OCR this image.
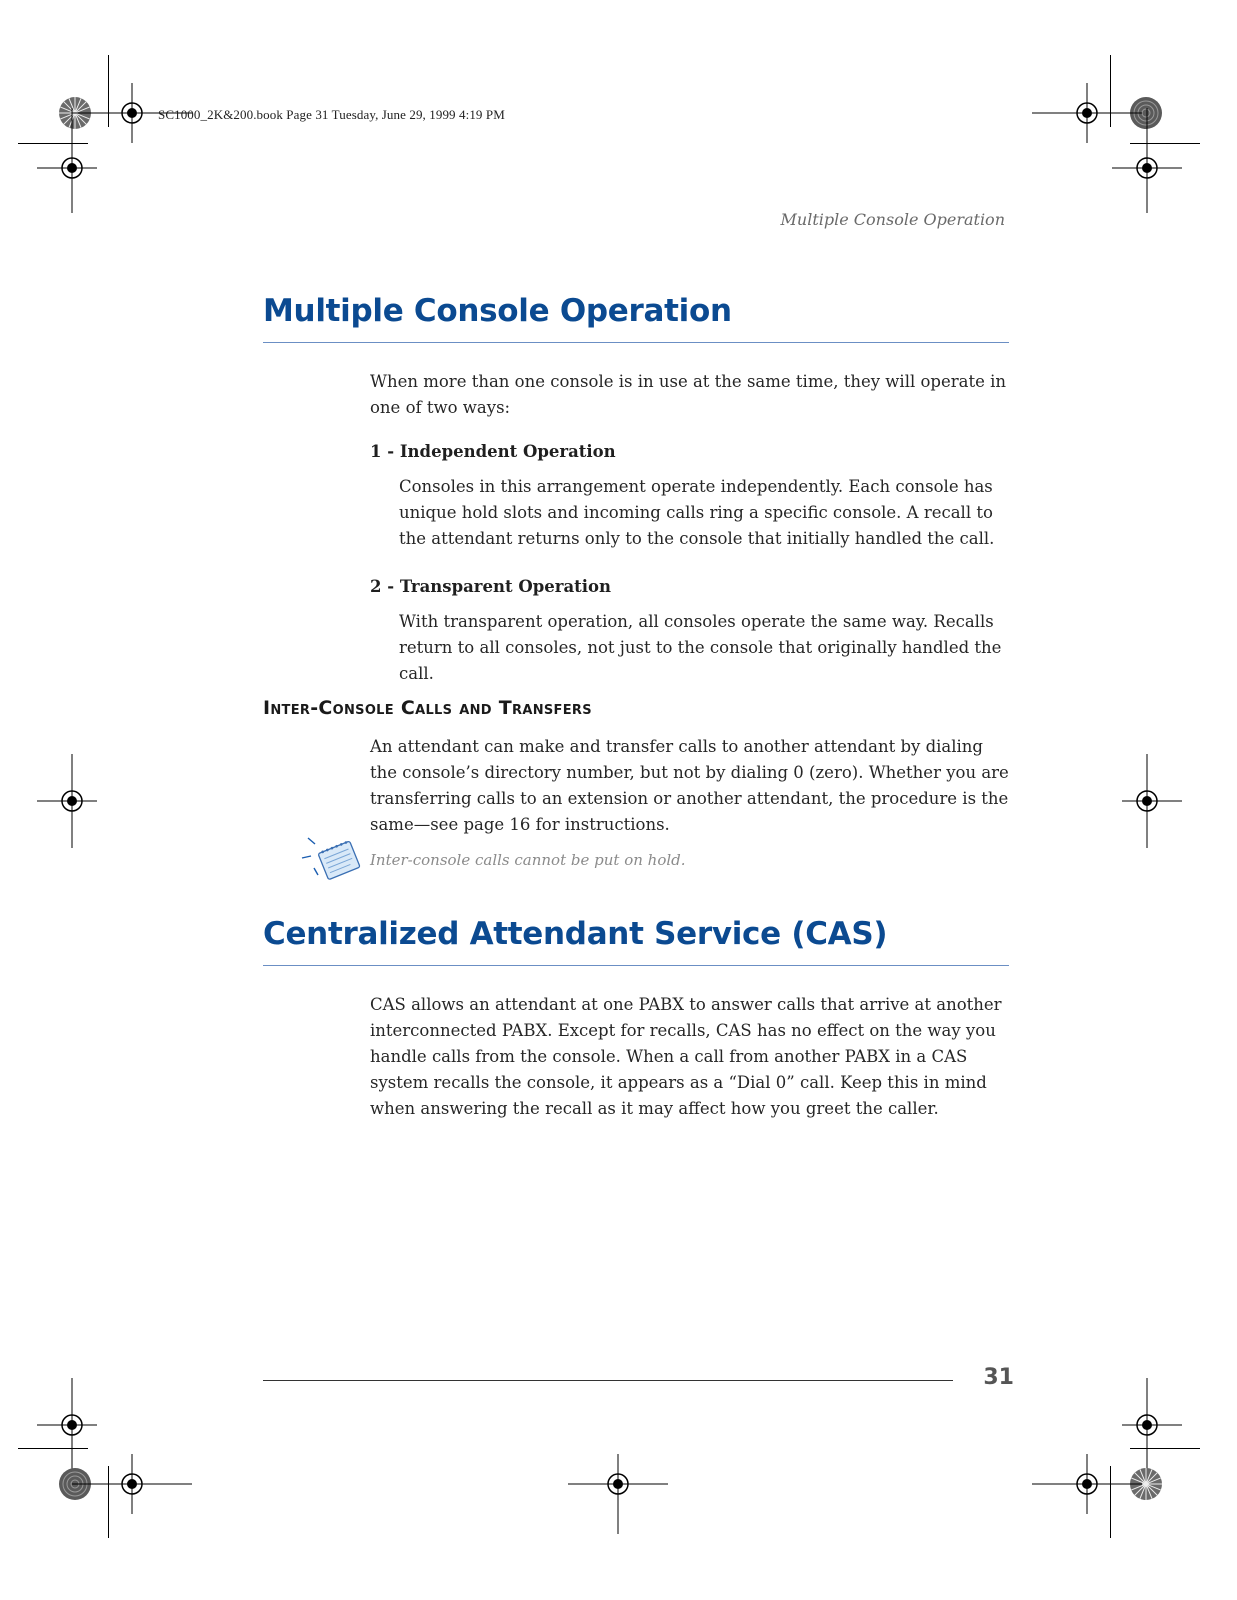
SC1000_2K&200.book Page 31 Tuesday, June 29, 1999 4:19 PM
Multiple Console Operation
Multiple Console Operation
When more than one console is in use at the same time, they will operate in one of two ways:
1 - Independent Operation
Consoles in this arrangement operate independently. Each console has unique hold slots and incoming calls ring a specific console. A recall to the attendant returns only to the console that initially handled the call.
2 - Transparent Operation
With transparent operation, all consoles operate the same way. Recalls return to all consoles, not just to the console that originally handled the call.
Inter-Console Calls and Transfers
An attendant can make and transfer calls to another attendant by dialing the console’s directory number, but not by dialing 0 (zero). Whether you are transferring calls to an extension or another attendant, the procedure is the same—see page 16 for instructions.
Inter-console calls cannot be put on hold.
Centralized Attendant Service (CAS)
CAS allows an attendant at one PABX to answer calls that arrive at another interconnected PABX. Except for recalls, CAS has no effect on the way you handle calls from the console. When a call from another PABX in a CAS system recalls the console, it appears as a “Dial 0” call. Keep this in mind when answering the recall as it may affect how you greet the caller.
31
